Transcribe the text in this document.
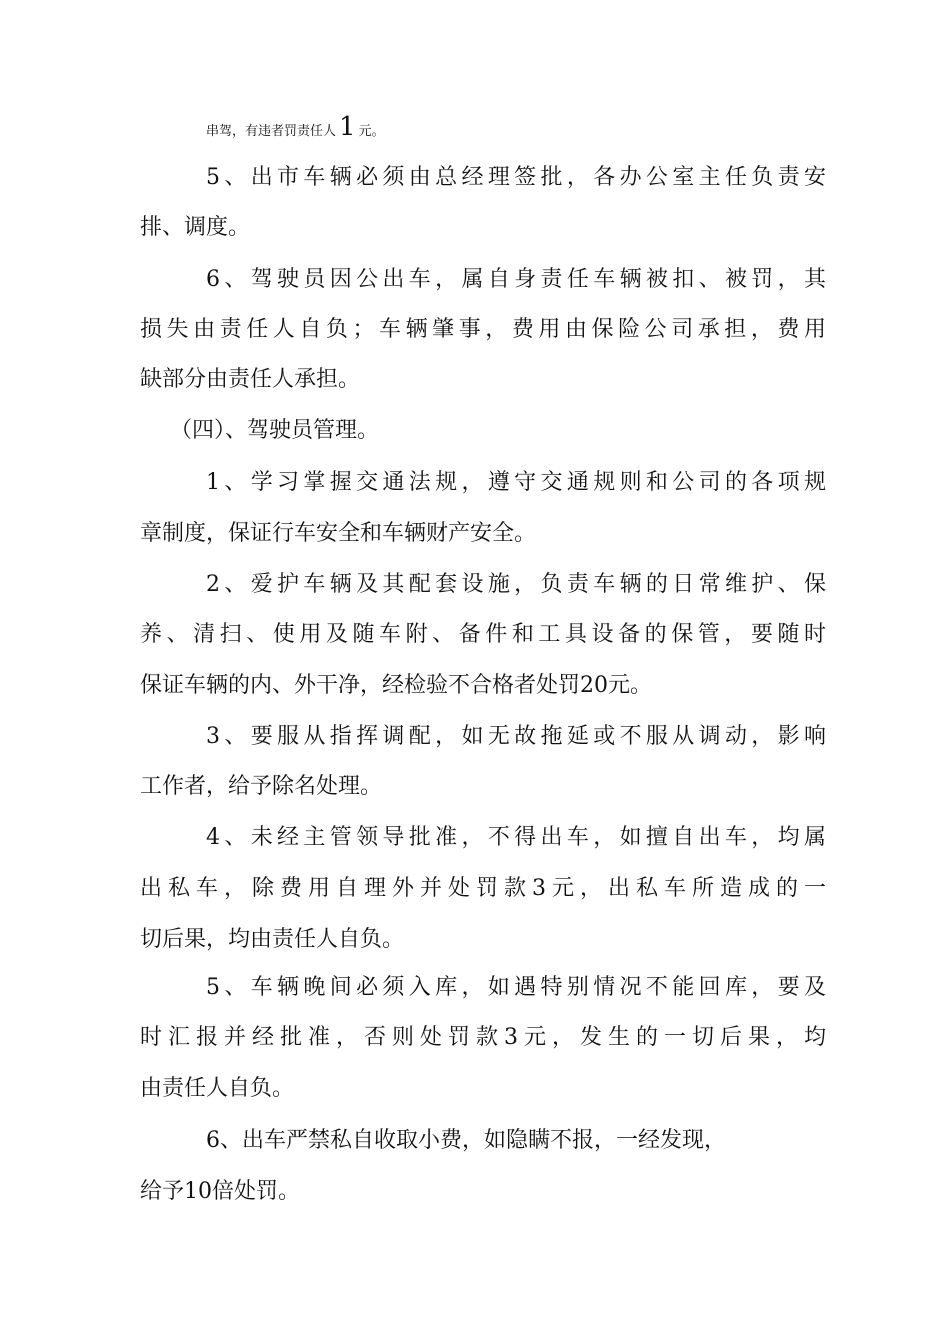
串驾，有违者罚责任人 1 元。

5、出市车辆必须由总经理签批，各办公室主任负责安

排、调度。

6、驾驶员因公出车，属自身责任车辆被扣、被罚，其

损失由责任人自负；车辆肇事，费用由保险公司承担，费用

缺部分由责任人承担。

（四）、驾驶员管理。

1、学习掌握交通法规，遵守交通规则和公司的各项规

章制度，保证行车安全和车辆财产安全。

2、爱护车辆及其配套设施，负责车辆的日常维护、保

养、清扫、使用及随车附、备件和工具设备的保管，要随时

保证车辆的内、外干净，经检验不合格者处罚20元。

3、要服从指挥调配，如无故拖延或不服从调动，影响

工作者，给予除名处理。

4、未经主管领导批准，不得出车，如擅自出车，均属

出私车，除费用自理外并处罚款3元，出私车所造成的一

切后果，均由责任人自负。

5、车辆晚间必须入库，如遇特别情况不能回库，要及

时汇报并经批准，否则处罚款3元，发生的一切后果，均

由责任人自负。

6、出车严禁私自收取小费，如隐瞒不报，一经发现，

给予10倍处罚。
